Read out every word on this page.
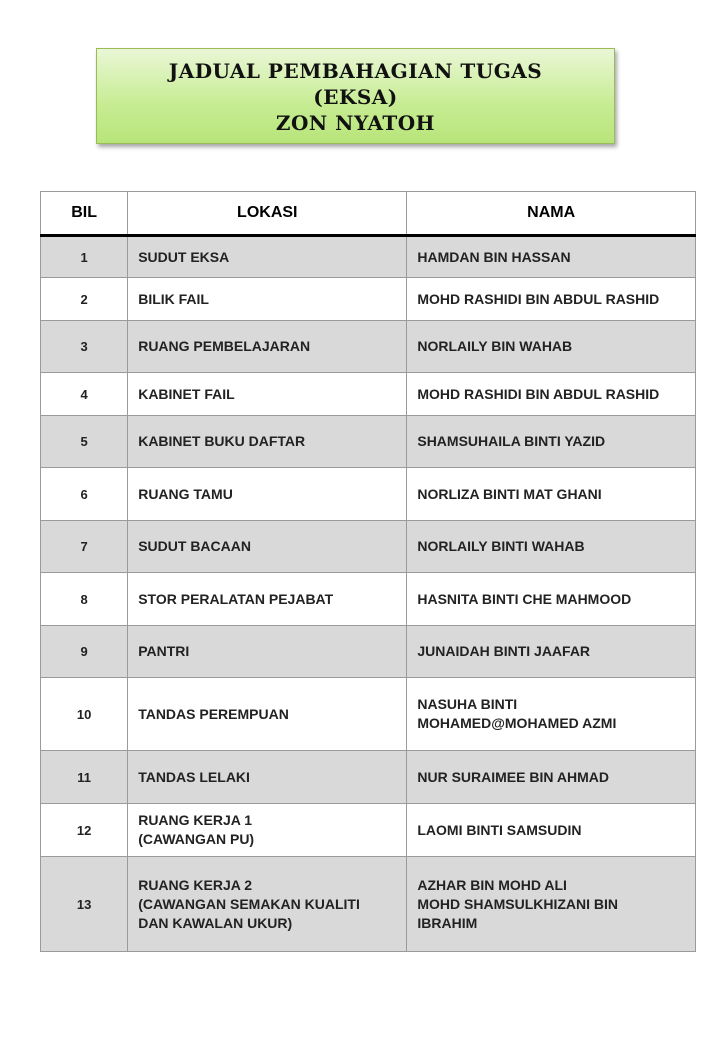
JADUAL PEMBAHAGIAN TUGAS
(EKSA)
ZON NYATOH
BIL	LOKASI	NAMA
1	SUDUT EKSA	HAMDAN BIN HASSAN

2	BILIK FAIL	MOHD RASHIDI BIN ABDUL RASHID

3	RUANG PEMBELAJARAN	NORLAILY BIN WAHAB

4	KABINET FAIL	MOHD RASHIDI BIN ABDUL RASHID

5	KABINET BUKU DAFTAR	SHAMSUHAILA BINTI YAZID

6	RUANG TAMU	NORLIZA BINTI MAT GHANI

7	SUDUT BACAAN	NORLAILY BINTI WAHAB

8	STOR PERALATAN PEJABAT	HASNITA BINTI CHE MAHMOOD

9	PANTRI	JUNAIDAH BINTI JAAFAR

10	TANDAS PEREMPUAN	NASUHA BINTI
MOHAMED@MOHAMED AZMI

11	TANDAS LELAKI	NUR SURAIMEE BIN AHMAD

12	RUANG KERJA 1
(CAWANGAN PU)	LAOMI BINTI SAMSUDIN

13	RUANG KERJA 2
(CAWANGAN SEMAKAN KUALITI
DAN KAWALAN UKUR)	AZHAR BIN MOHD ALI
MOHD SHAMSULKHIZANI BIN
IBRAHIM
